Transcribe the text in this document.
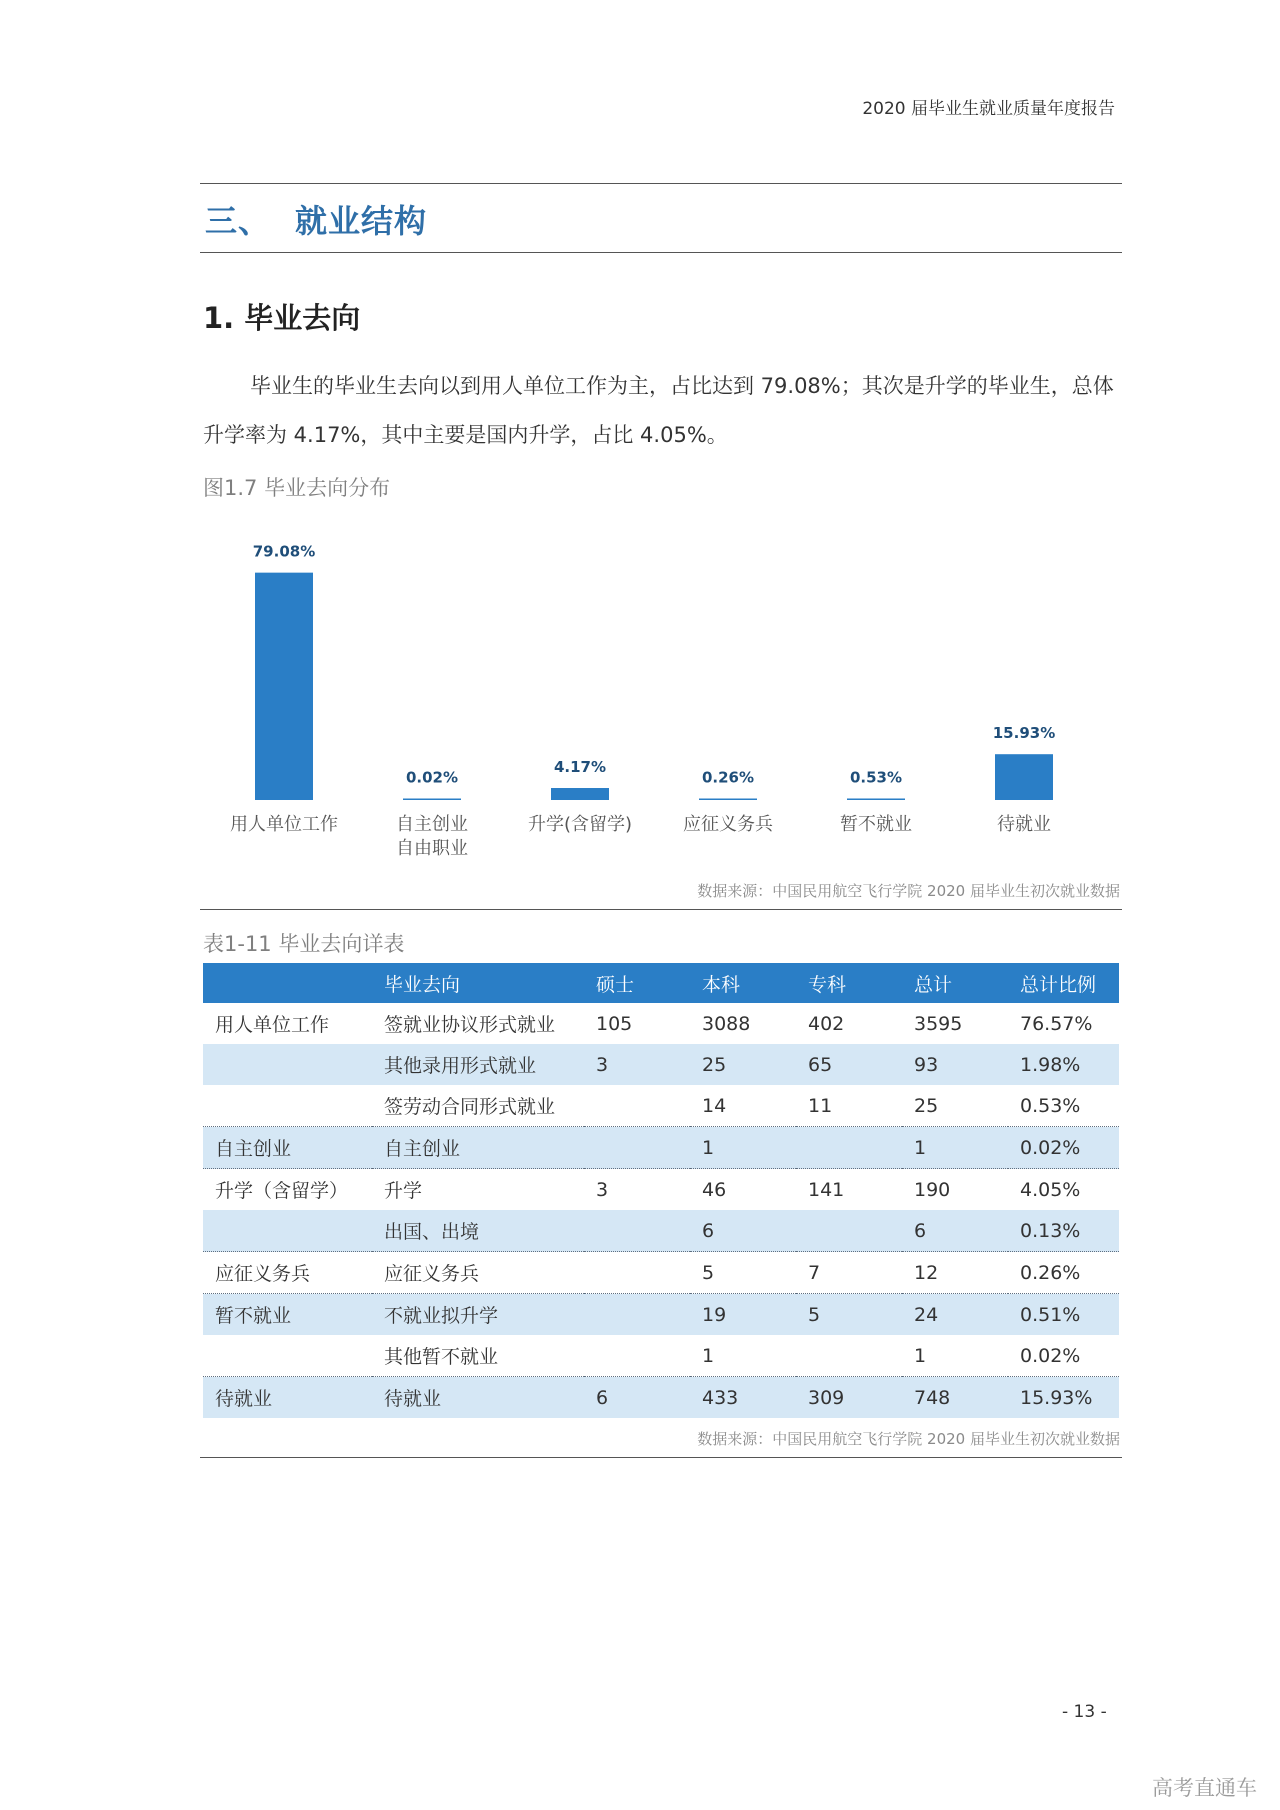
2020 届毕业生就业质量年度报告
三、 就业结构
1. 毕业去向

毕业生的毕业生去向以到用人单位工作为主，占比达到 79.08%；其次是升学的毕业生，总体升学率为 4.17%，其中主要是国内升学，占比 4.05%。

图1.7 毕业去向分布
79.08%
用人单位工作
0.02%
自主创业自由职业
4.17%
升学(含留学)
0.26%
应征义务兵
0.53%
暂不就业
15.93%
待就业
数据来源：中国民用航空飞行学院 2020 届毕业生初次就业数据
表1-11 毕业去向详表
	毕业去向	硕士	本科	专科	总计	总计比例
用人单位工作	签就业协议形式就业	105	3088	402	3595	76.57%
	其他录用形式就业	3	25	65	93	1.98%
	签劳动合同形式就业		14	11	25	0.53%
自主创业	自主创业		1		1	0.02%
升学（含留学）	升学	3	46	141	190	4.05%
	出国、出境		6		6	0.13%
应征义务兵	应征义务兵		5	7	12	0.26%
暂不就业	不就业拟升学		19	5	24	0.51%
	其他暂不就业		1		1	0.02%
待就业	待就业	6	433	309	748	15.93%
数据来源：中国民用航空飞行学院 2020 届毕业生初次就业数据
- 13 -
高考直通车
